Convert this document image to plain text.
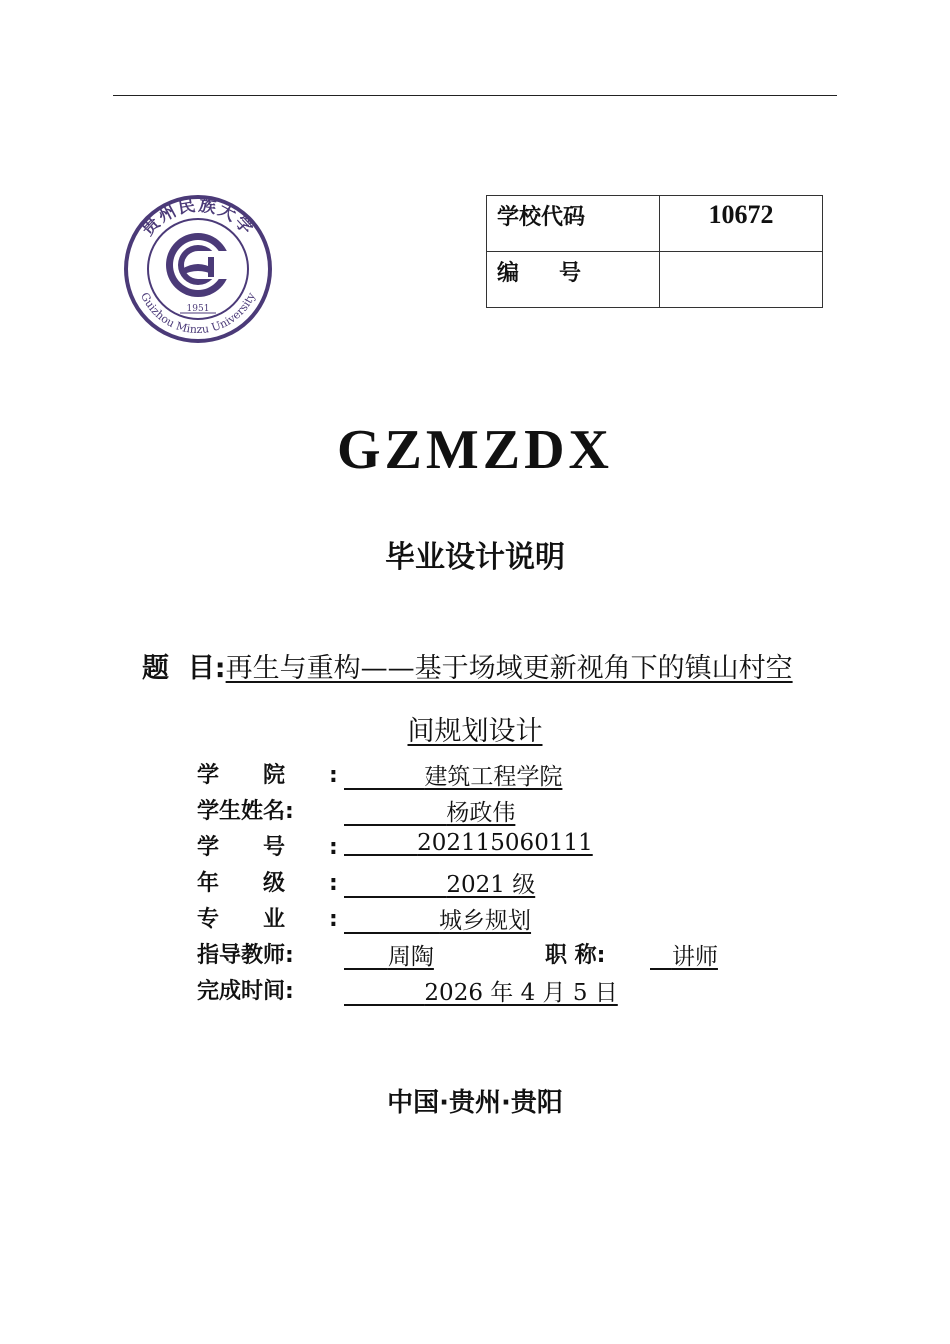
贵州民族大学
Guizhou Minzu University
1951
学校代码	10672
编号	
GZMZDX
毕业设计说明
题  目:再生与重构——基于场域更新视角下的镇山村空
间规划设计
学院:	建筑工程学院
学生姓名:	杨政伟
学号:	202115060111
年级:	2021 级
专业:	城乡规划
指导教师:	周陶	职 称:	讲师
完成时间:	2026 年 4 月 5 日
中国·贵州·贵阳
